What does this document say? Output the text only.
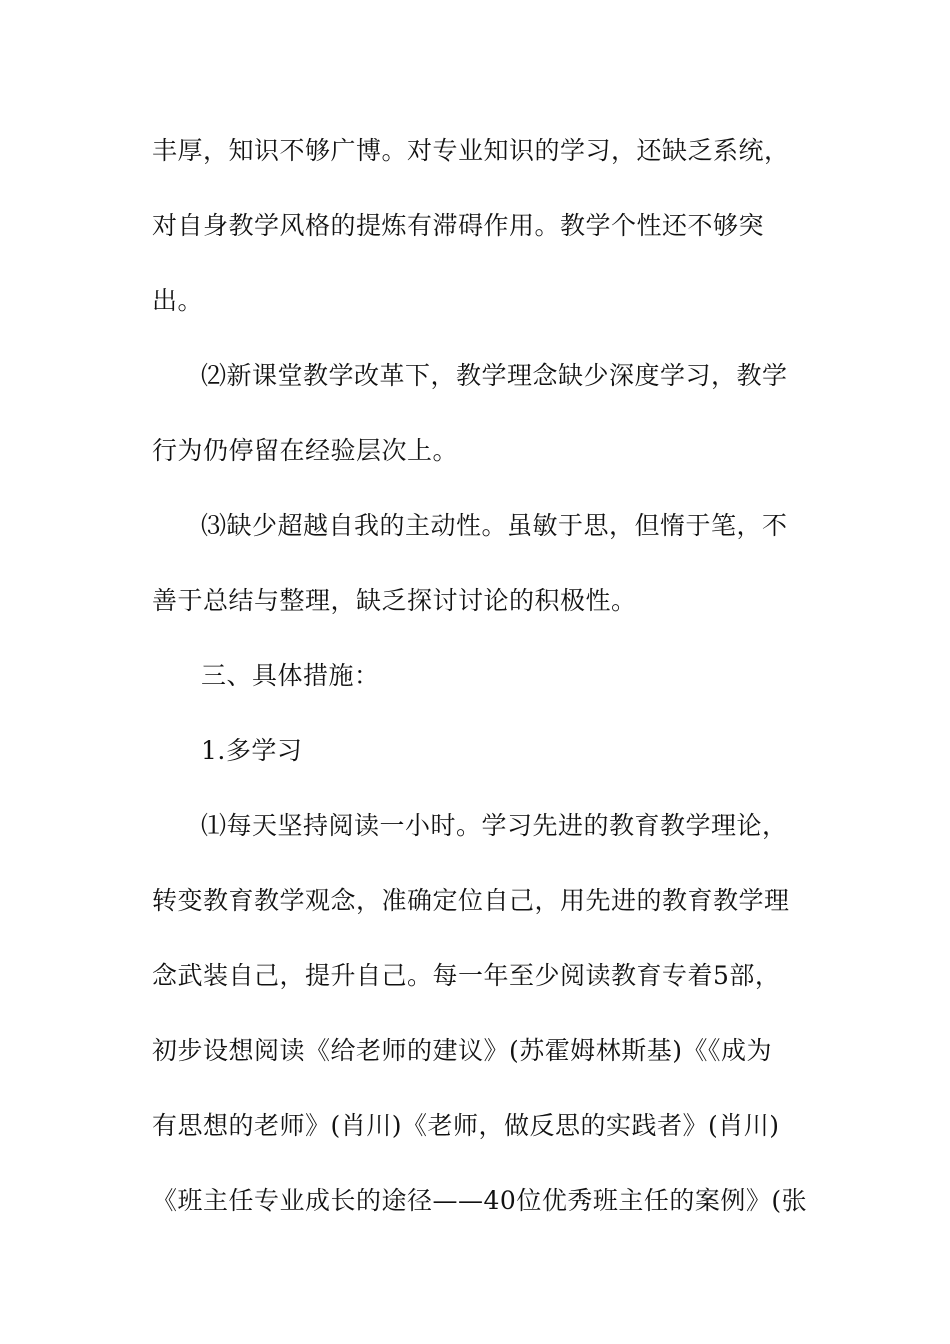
丰厚，知识不够广博。对专业知识的学习，还缺乏系统，
对自身教学风格的提炼有滞碍作用。教学个性还不够突
出。
⑵新课堂教学改革下，教学理念缺少深度学习，教学
行为仍停留在经验层次上。
⑶缺少超越自我的主动性。虽敏于思，但惰于笔，不
善于总结与整理，缺乏探讨讨论的积极性。
三、具体措施：
1.多学习
⑴每天坚持阅读一小时。学习先进的教育教学理论，
转变教育教学观念，准确定位自己，用先进的教育教学理
念武装自己，提升自己。每一年至少阅读教育专着5部，
初步设想阅读《给老师的建议》(苏霍姆林斯基)《《成为
有思想的老师》(肖川)《老师，做反思的实践者》(肖川)
《班主任专业成长的途径——40位优秀班主任的案例》(张
